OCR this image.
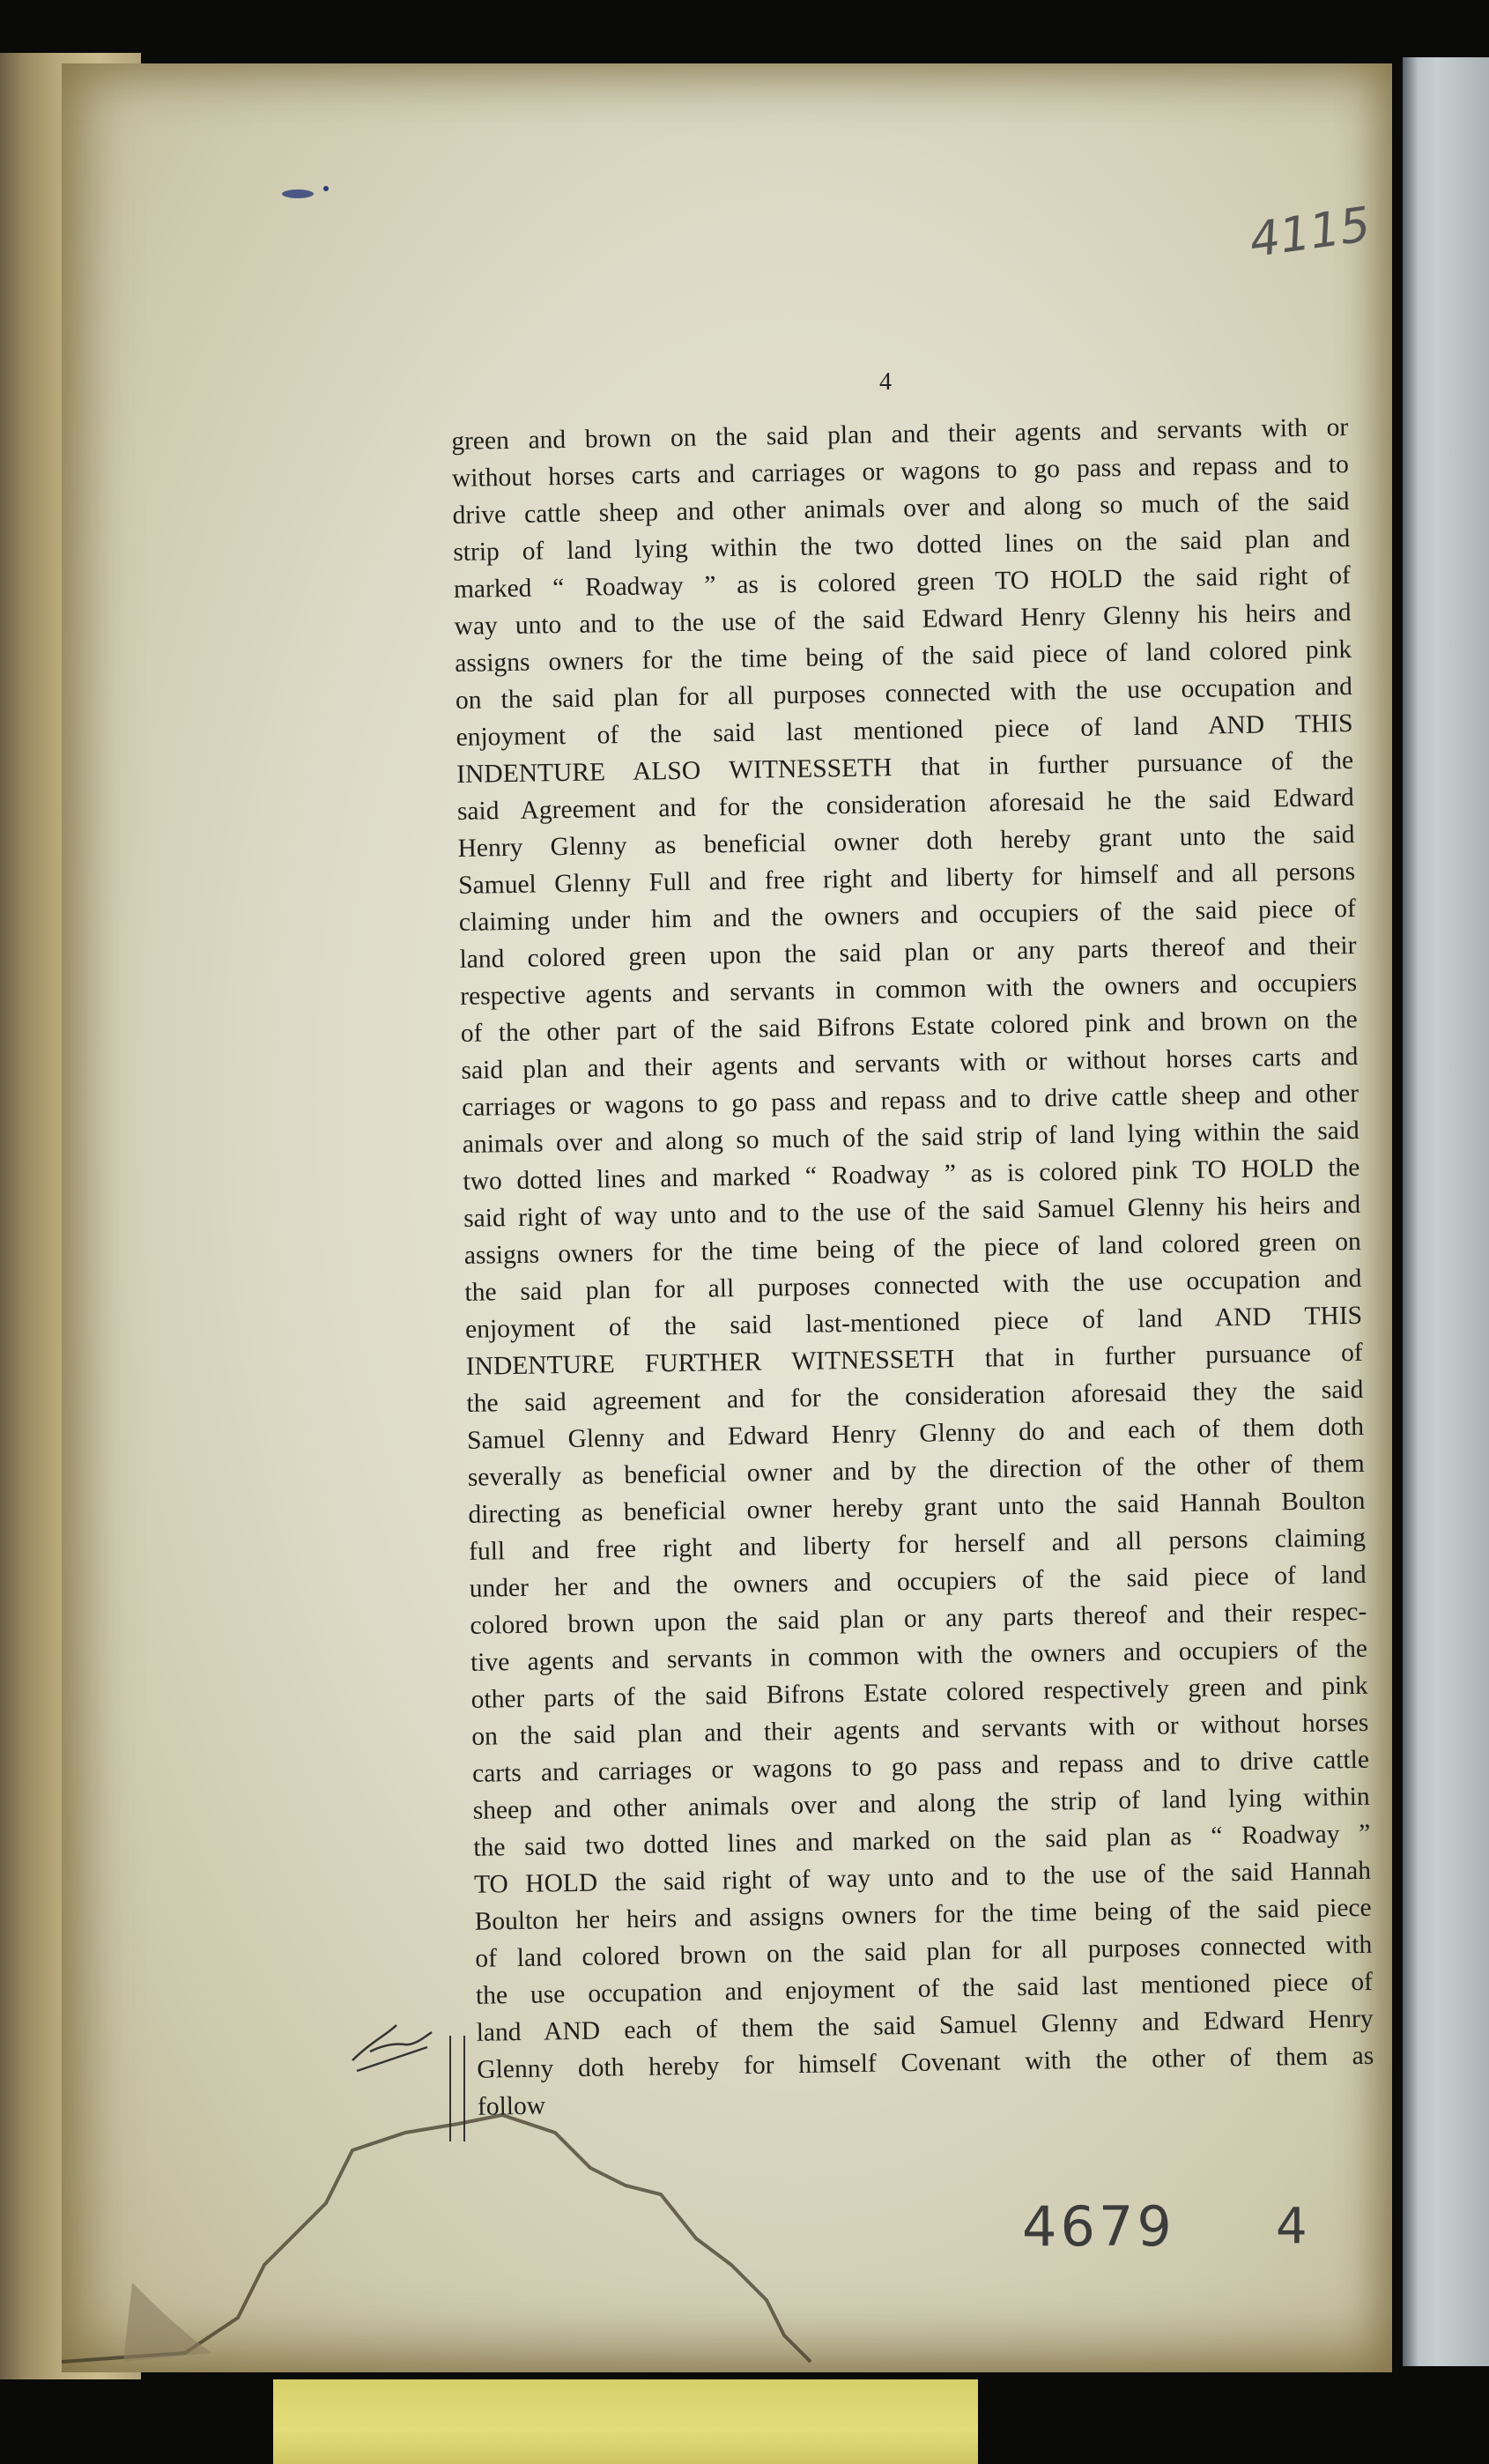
4115
4
green and brown on the said plan and their agents and servants with or
without horses carts and carriages or wagons to go pass and repass and to
drive cattle sheep and other animals over and along so much of the said
strip of land lying within the two dotted lines on the said plan and
marked “ Roadway ” as is colored green TO HOLD the said right of
way unto and to the use of the said Edward Henry Glenny his heirs and
assigns owners for the time being of the said piece of land colored pink
on the said plan for all purposes connected with the use occupation and
enjoyment of the said last mentioned piece of land AND THIS
INDENTURE ALSO WITNESSETH that in further pursuance of the
said Agreement and for the consideration aforesaid he the said Edward
Henry Glenny as beneficial owner doth hereby grant unto the said
Samuel Glenny Full and free right and liberty for himself and all persons
claiming under him and the owners and occupiers of the said piece of
land colored green upon the said plan or any parts thereof and their
respective agents and servants in common with the owners and occupiers
of the other part of the said Bifrons Estate colored pink and brown on the
said plan and their agents and servants with or without horses carts and
carriages or wagons to go pass and repass and to drive cattle sheep and other
animals over and along so much of the said strip of land lying within the said
two dotted lines and marked “ Roadway ” as is colored pink TO HOLD the
said right of way unto and to the use of the said Samuel Glenny his heirs and
assigns owners for the time being of the piece of land colored green on
the said plan for all purposes connected with the use occupation and
enjoyment of the said last-mentioned piece of land AND THIS
INDENTURE FURTHER WITNESSETH that in further pursuance of
the said agreement and for the consideration aforesaid they the said
Samuel Glenny and Edward Henry Glenny do and each of them doth
severally as beneficial owner and by the direction of the other of them
directing as beneficial owner hereby grant unto the said Hannah Boulton
full and free right and liberty for herself and all persons claiming
under her and the owners and occupiers of the said piece of land
colored brown upon the said plan or any parts thereof and their respec-
tive agents and servants in common with the owners and occupiers of the
other parts of the said Bifrons Estate colored respectively green and pink
on the said plan and their agents and servants with or without horses
carts and carriages or wagons to go pass and repass and to drive cattle
sheep and other animals over and along the strip of land lying within
the said two dotted lines and marked on the said plan as “ Roadway ”
TO HOLD the said right of way unto and to the use of the said Hannah
Boulton her heirs and assigns owners for the time being of the said piece
of land colored brown on the said plan for all purposes connected with
the use occupation and enjoyment of the said last mentioned piece of
land AND each of them the said Samuel Glenny and Edward Henry
Glenny doth hereby for himself Covenant with the other of them as
follow
4679 4
